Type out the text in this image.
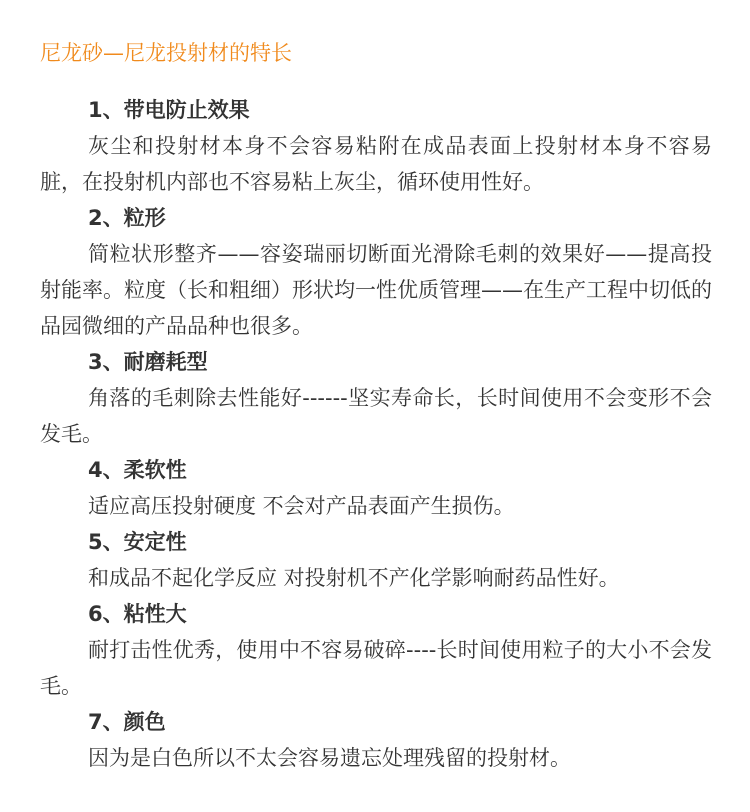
尼龙砂—尼龙投射材的特长

1、带电防止效果

灰尘和投射材本身不会容易粘附在成品表面上投射材本身不容易脏，在投射机内部也不容易粘上灰尘，循环使用性好。

2、粒形

简粒状形整齐——容姿瑞丽切断面光滑除毛刺的效果好——提高投射能率。粒度（长和粗细）形状均一性优质管理——在生产工程中切低的品园微细的产品品种也很多。

3、耐磨耗型

角落的毛刺除去性能好------坚实寿命长，长时间使用不会变形不会发毛。

4、柔软性

适应高压投射硬度 不会对产品表面产生损伤。

5、安定性

和成品不起化学反应 对投射机不产化学影响耐药品性好。

6、粘性大

耐打击性优秀，使用中不容易破碎----长时间使用粒子的大小不会发毛。

7、颜色

因为是白色所以不太会容易遗忘处理残留的投射材。
